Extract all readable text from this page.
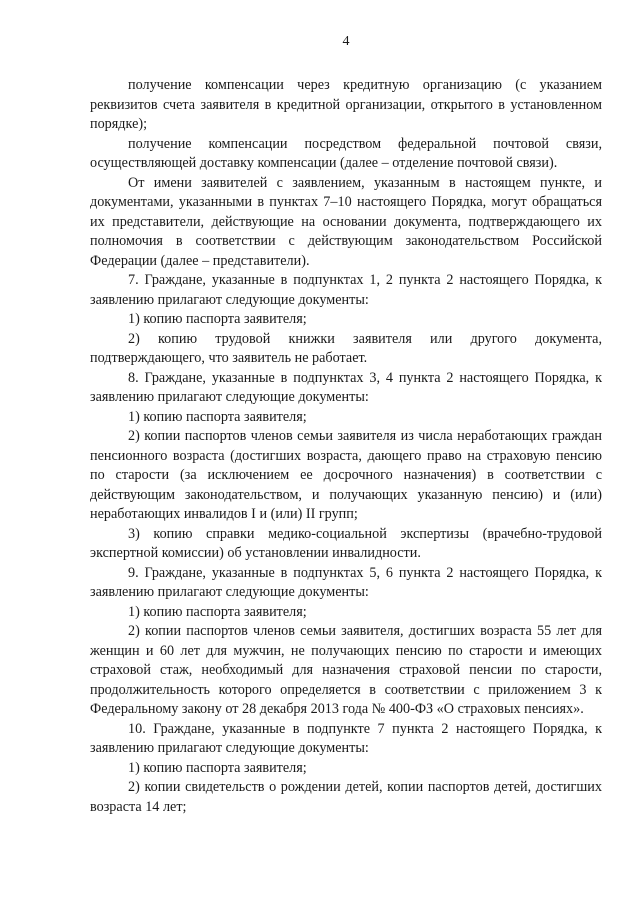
4

получение компенсации через кредитную организацию (с указанием реквизитов счета заявителя в кредитной организации, открытого в установленном порядке);

получение компенсации посредством федеральной почтовой связи, осуществляющей доставку компенсации (далее – отделение почтовой связи).

От имени заявителей с заявлением, указанным в настоящем пункте, и документами, указанными в пунктах 7–10 настоящего Порядка, могут обращаться их представители, действующие на основании документа, подтверждающего их полномочия в соответствии с действующим законодательством Российской Федерации (далее – представители).

7. Граждане, указанные в подпунктах 1, 2 пункта 2 настоящего Порядка, к заявлению прилагают следующие документы:

1) копию паспорта заявителя;

2) копию трудовой книжки заявителя или другого документа, подтверждающего, что заявитель не работает.

8. Граждане, указанные в подпунктах 3, 4 пункта 2 настоящего Порядка, к заявлению прилагают следующие документы:

1) копию паспорта заявителя;

2) копии паспортов членов семьи заявителя из числа неработающих граждан пенсионного возраста (достигших возраста, дающего право на страховую пенсию по старости (за исключением ее досрочного назначения) в соответствии с действующим законодательством, и получающих указанную пенсию) и (или) неработающих инвалидов I и (или) II групп;

3) копию справки медико-социальной экспертизы (врачебно-трудовой экспертной комиссии) об установлении инвалидности.

9. Граждане, указанные в подпунктах 5, 6 пункта 2 настоящего Порядка, к заявлению прилагают следующие документы:

1) копию паспорта заявителя;

2) копии паспортов членов семьи заявителя, достигших возраста 55 лет для женщин и 60 лет для мужчин, не получающих пенсию по старости и имеющих страховой стаж, необходимый для назначения страховой пенсии по старости, продолжительность которого определяется в соответствии с приложением 3 к Федеральному закону от 28 декабря 2013 года № 400-ФЗ «О страховых пенсиях».

10. Граждане, указанные в подпункте 7 пункта 2 настоящего Порядка, к заявлению прилагают следующие документы:

1) копию паспорта заявителя;

2) копии свидетельств о рождении детей, копии паспортов детей, достигших возраста 14 лет;
